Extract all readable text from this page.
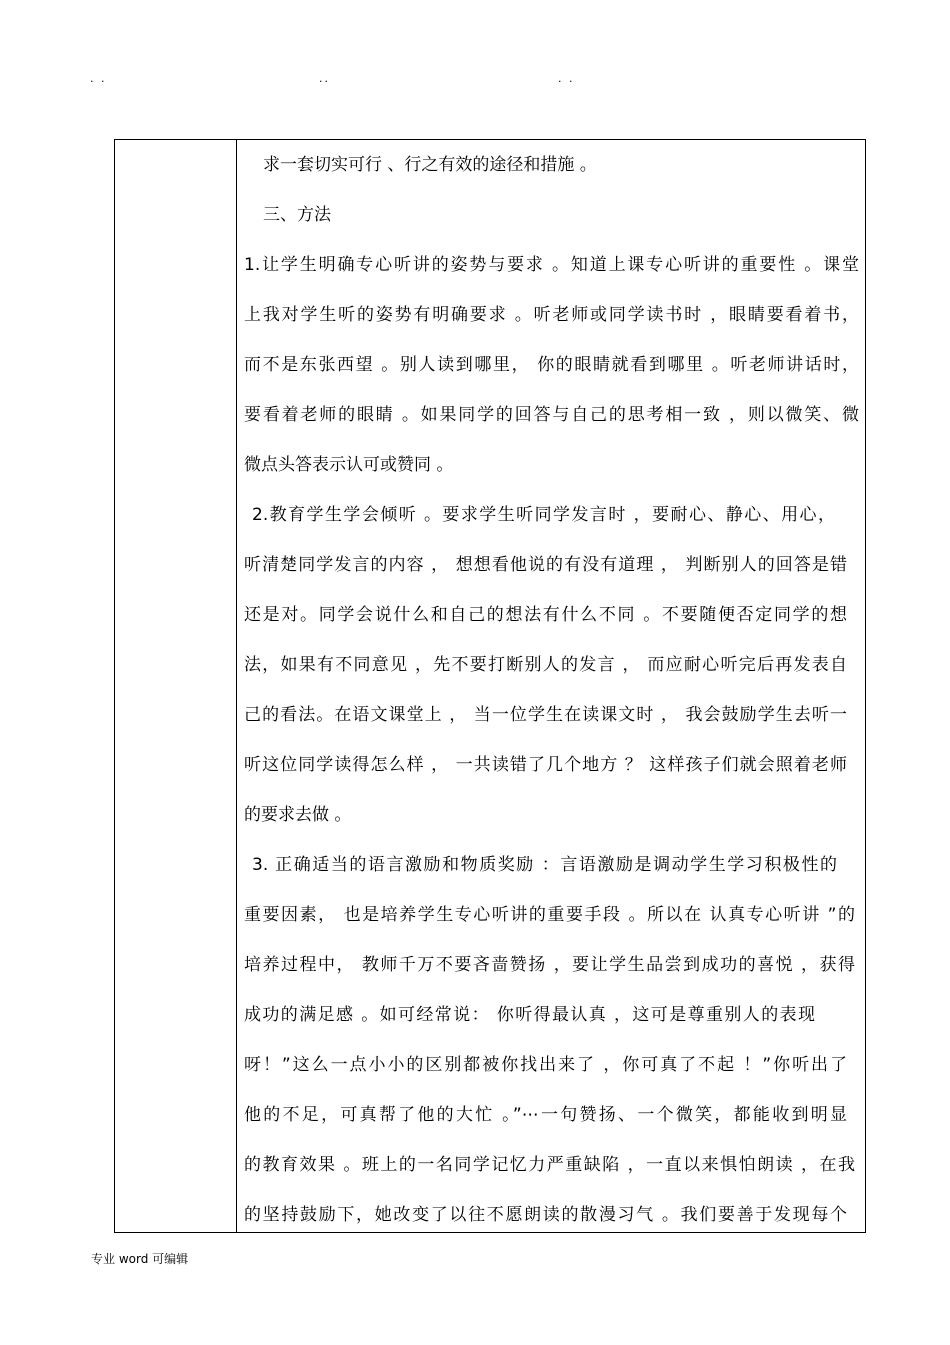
. .	..	. .
求一套切实可行 、行之有效的途径和措施 。
三、方法
1.让学生明确专心听讲的姿势与要求 。知道上课专心听讲的重要性 。课堂
上我对学生听的姿势有明确要求 。听老师或同学读书时 ，眼睛要看着书，
而不是东张西望 。别人读到哪里， 你的眼睛就看到哪里 。听老师讲话时，
要看着老师的眼睛 。如果同学的回答与自己的思考相一致 ，则以微笑、微
微点头答表示认可或赞同 。
2.教育学生学会倾听 。要求学生听同学发言时 ，要耐心、静心、用心，
听清楚同学发言的内容 ， 想想看他说的有没有道理 ， 判断别人的回答是错
还是对。同学会说什么和自己的想法有什么不同 。不要随便否定同学的想
法，如果有不同意见 ，先不要打断别人的发言 ， 而应耐心听完后再发表自
己的看法。在语文课堂上 ， 当一位学生在读课文时 ， 我会鼓励学生去听一
听这位同学读得怎么样 ， 一共读错了几个地方 ？ 这样孩子们就会照着老师
的要求去做 。
3. 正确适当的语言激励和物质奖励 ：言语激励是调动学生学习积极性的
重要因素， 也是培养学生专心听讲的重要手段 。所以在 认真专心听讲 ”的
培养过程中， 教师千万不要吝啬赞扬 ，要让学生品尝到成功的喜悦 ，获得
成功的满足感 。如可经常说： 你听得最认真 ，这可是尊重别人的表现
呀！”这么一点小小的区别都被你找出来了 ，你可真了不起 ！”你听出了
他的不足，可真帮了他的大忙 。”⋯一句赞扬、一个微笑，都能收到明显
的教育效果 。班上的一名同学记忆力严重缺陷 ，一直以来惧怕朗读 ，在我
的坚持鼓励下，她改变了以往不愿朗读的散漫习气 。我们要善于发现每个
专业 word 可编辑
